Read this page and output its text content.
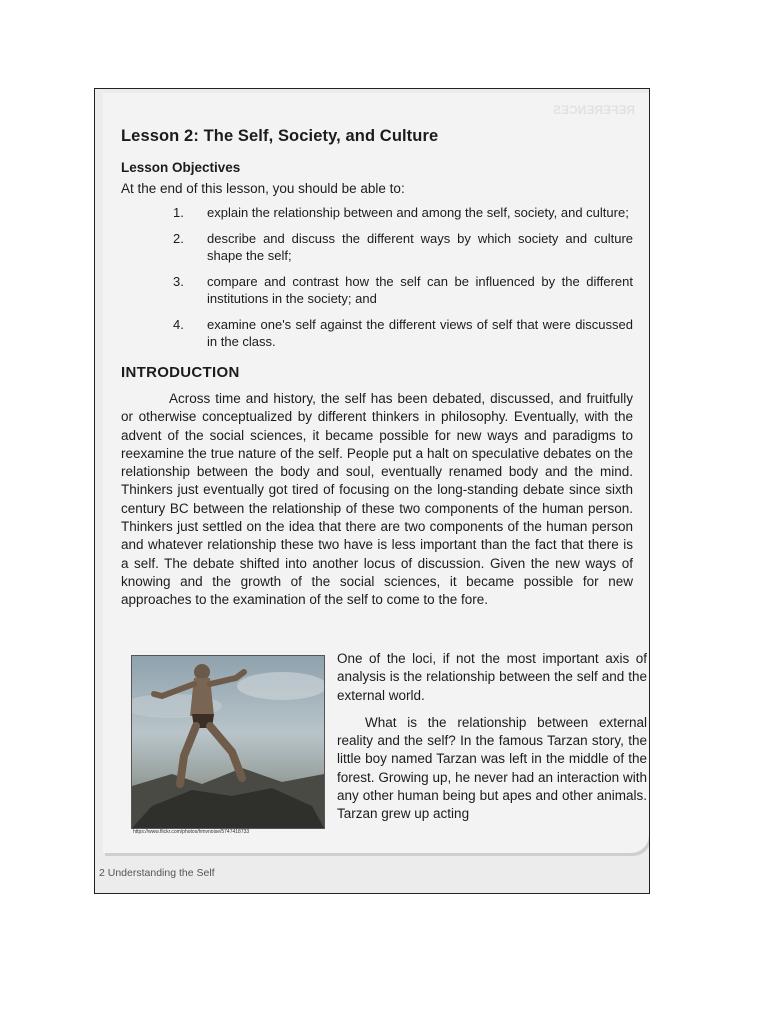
REFERENCES
Lesson 2: The Self, Society, and Culture
Lesson Objectives
At the end of this lesson, you should be able to:
1. explain the relationship between and among the self, society, and culture;
2. describe and discuss the different ways by which society and culture shape the self;
3. compare and contrast how the self can be influenced by the different institutions in the society; and
4. examine one's self against the different views of self that were discussed in the class.
INTRODUCTION

Across time and history, the self has been debated, discussed, and fruitfully or otherwise conceptualized by different thinkers in philosophy. Eventually, with the advent of the social sciences, it became possible for new ways and paradigms to reexamine the true nature of the self. People put a halt on speculative debates on the relationship between the body and soul, eventually renamed body and the mind. Thinkers just eventually got tired of focusing on the long-standing debate since sixth century BC between the relationship of these two components of the human person. Thinkers just settled on the idea that there are two components of the human person and whatever relationship these two have is less important than the fact that there is a self. The debate shifted into another locus of discussion. Given the new ways of knowing and the growth of the social sciences, it became possible for new approaches to the examination of the self to come to the fore.

https://www.flickr.com/photos/hmvnoise/5747418733

One of the loci, if not the most important axis of analysis is the relationship between the self and the external world.

What is the relationship between external reality and the self? In the famous Tarzan story, the little boy named Tarzan was left in the middle of the forest. Growing up, he never had an interaction with any other human being but apes and other animals. Tarzan grew up acting

2 Understanding the Self
